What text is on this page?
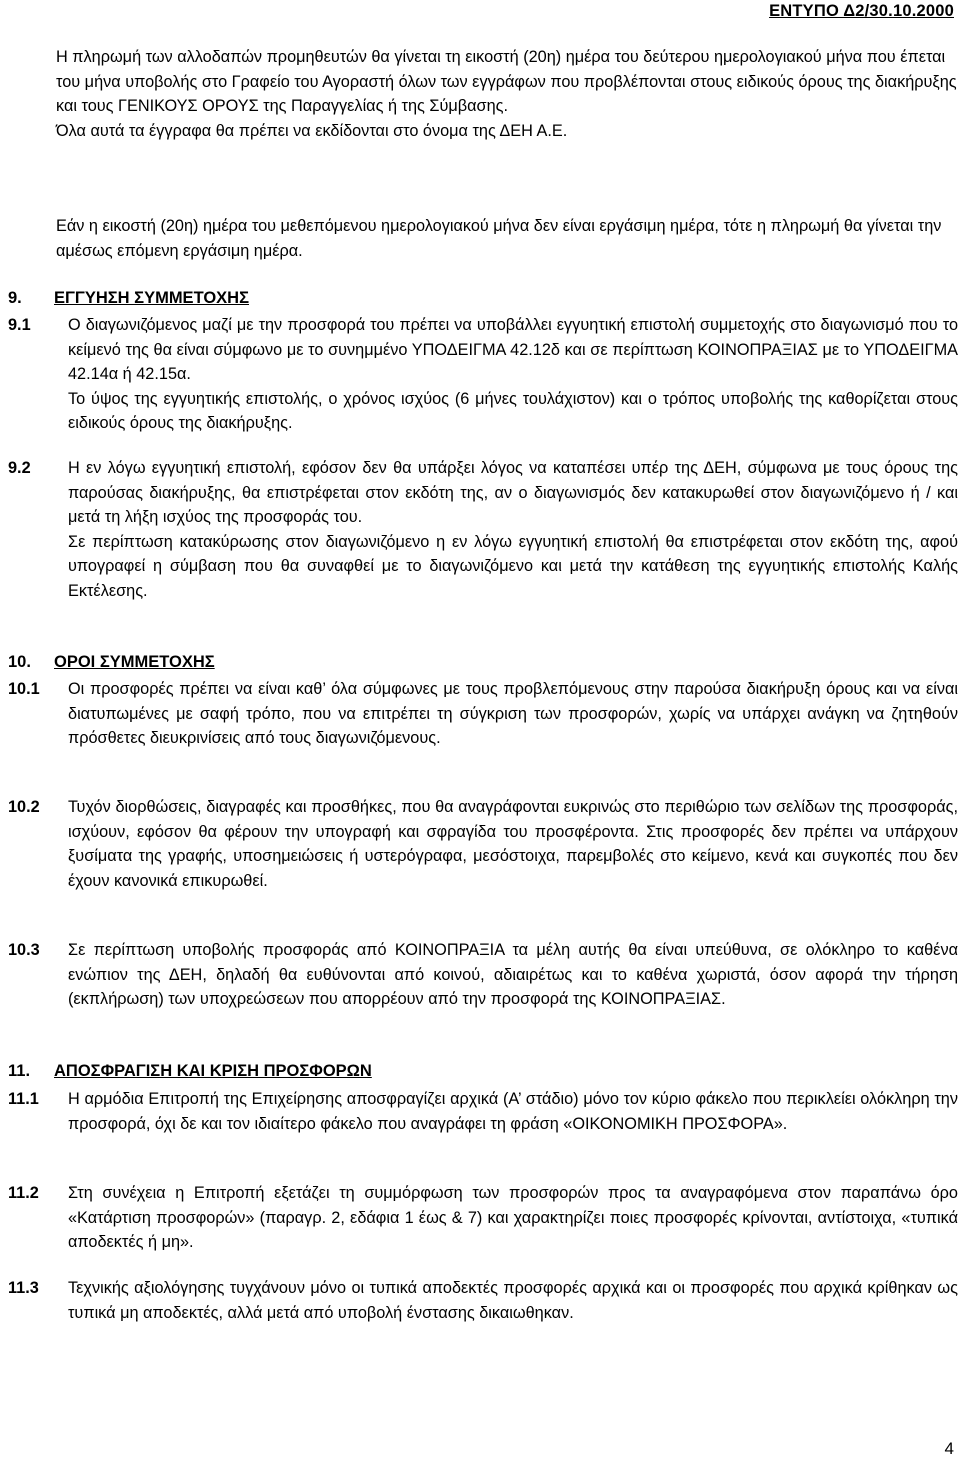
ΕΝΤΥΠΟ Δ2/30.10.2000

Η πληρωμή των αλλοδαπών προμηθευτών θα γίνεται τη εικοστή (20η) ημέρα του δεύτερου ημερολογιακού μήνα που έπεται του μήνα υποβολής στο Γραφείο του Αγοραστή όλων των εγγράφων που προβλέπονται στους ειδικούς όρους της διακήρυξης και τους ΓΕΝΙΚΟΥΣ ΟΡΟΥΣ της Παραγγελίας ή της Σύμβασης.

Όλα αυτά τα έγγραφα θα πρέπει να εκδίδονται στο όνομα της ΔΕΗ Α.Ε.

Εάν η εικοστή (20η) ημέρα του μεθεπόμενου ημερολογιακού μήνα δεν είναι εργάσιμη ημέρα, τότε η πληρωμή θα γίνεται την αμέσως επόμενη εργάσιμη ημέρα.
9.	ΕΓΓΥΗΣΗ ΣΥΜΜΕΤΟΧΗΣ
9.1	Ο διαγωνιζόμενος μαζί με την προσφορά του πρέπει να υποβάλλει εγγυητική επιστολή συμμετοχής στο διαγωνισμό που το κείμενό της θα είναι σύμφωνο με το συνημμένο ΥΠΟΔΕΙΓΜΑ 42.12δ και σε περίπτωση ΚΟΙΝΟΠΡΑΞΙΑΣ με το ΥΠΟΔΕΙΓΜΑ 42.14α ή 42.15α.

Το ύψος της εγγυητικής επιστολής, ο χρόνος ισχύος (6 μήνες τουλάχιστον) και ο τρόπος υποβολής της καθορίζεται στους ειδικούς όρους της διακήρυξης.

9.2	Η εν λόγω εγγυητική επιστολή, εφόσον δεν θα υπάρξει λόγος να καταπέσει υπέρ της ΔΕΗ, σύμφωνα με τους όρους της παρούσας διακήρυξης, θα επιστρέφεται στον εκδότη της, αν ο διαγωνισμός δεν κατακυρωθεί στον διαγωνιζόμενο ή / και μετά τη λήξη ισχύος της προσφοράς του.

Σε περίπτωση κατακύρωσης στον διαγωνιζόμενο η εν λόγω εγγυητική επιστολή θα επιστρέφεται στον εκδότη της, αφού υπογραφεί η σύμβαση που θα συναφθεί με το διαγωνιζόμενο και μετά την κατάθεση της εγγυητικής επιστολής Καλής Εκτέλεσης.

10.	ΟΡΟΙ ΣΥΜΜΕΤΟΧΗΣ
10.1	Οι προσφορές πρέπει να είναι καθ’ όλα σύμφωνες με τους προβλεπόμενους στην παρούσα διακήρυξη όρους και να είναι διατυπωμένες με σαφή τρόπο, που να επιτρέπει τη σύγκριση των προσφορών, χωρίς να υπάρχει ανάγκη να ζητηθούν πρόσθετες διευκρινίσεις από τους διαγωνιζόμενους.
10.2	Τυχόν διορθώσεις, διαγραφές και προσθήκες, που θα αναγράφονται ευκρινώς στο περιθώριο των σελίδων της προσφοράς, ισχύουν, εφόσον θα φέρουν την υπογραφή και σφραγίδα του προσφέροντα. Στις προσφορές δεν πρέπει να υπάρχουν ξυσίματα της γραφής, υποσημειώσεις ή υστερόγραφα, μεσόστοιχα, παρεμβολές στο κείμενο, κενά και συγκοπές που δεν έχουν κανονικά επικυρωθεί.
10.3	Σε περίπτωση υποβολής προσφοράς από ΚΟΙΝΟΠΡΑΞΙΑ τα μέλη αυτής θα είναι υπεύθυνα, σε ολόκληρο το καθένα ενώπιον της ΔΕΗ, δηλαδή θα ευθύνονται από κοινού, αδιαιρέτως και το καθένα χωριστά, όσον αφορά την τήρηση (εκπλήρωση) των υποχρεώσεων που απορρέουν από την προσφορά της ΚΟΙΝΟΠΡΑΞΙΑΣ.
11.	ΑΠΟΣΦΡΑΓΙΣΗ ΚΑΙ ΚΡΙΣΗ ΠΡΟΣΦΟΡΩΝ
11.1	Η αρμόδια Επιτροπή της Επιχείρησης αποσφραγίζει αρχικά (Α’ στάδιο) μόνο τον κύριο φάκελο που περικλείει ολόκληρη την προσφορά, όχι δε και τον ιδιαίτερο φάκελο που αναγράφει τη φράση «ΟΙΚΟΝΟΜΙΚΗ ΠΡΟΣΦΟΡΑ».
11.2	Στη συνέχεια η Επιτροπή εξετάζει τη συμμόρφωση των προσφορών προς τα αναγραφόμενα στον παραπάνω όρο «Κατάρτιση προσφορών» (παραγρ. 2, εδάφια 1 έως & 7) και χαρακτηρίζει ποιες προσφορές κρίνονται, αντίστοιχα, «τυπικά αποδεκτές ή μη».
11.3	Τεχνικής αξιολόγησης τυγχάνουν μόνο οι τυπικά αποδεκτές προσφορές αρχικά και οι προσφορές που αρχικά κρίθηκαν ως τυπικά μη αποδεκτές, αλλά μετά από υποβολή ένστασης δικαιωθηκαν.
4
